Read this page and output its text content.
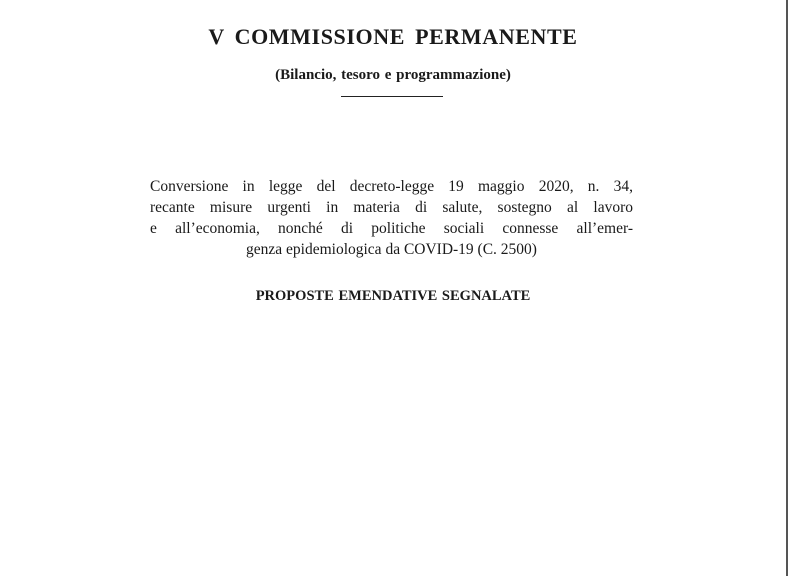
V COMMISSIONE PERMANENTE
(Bilancio, tesoro e programmazione)

Conversione in legge del decreto-legge 19 maggio 2020, n. 34,
recante misure urgenti in materia di salute, sostegno al lavoro
e all’economia, nonché di politiche sociali connesse all’emer-
genza epidemiologica da COVID-19 (C. 2500)

PROPOSTE EMENDATIVE SEGNALATE
